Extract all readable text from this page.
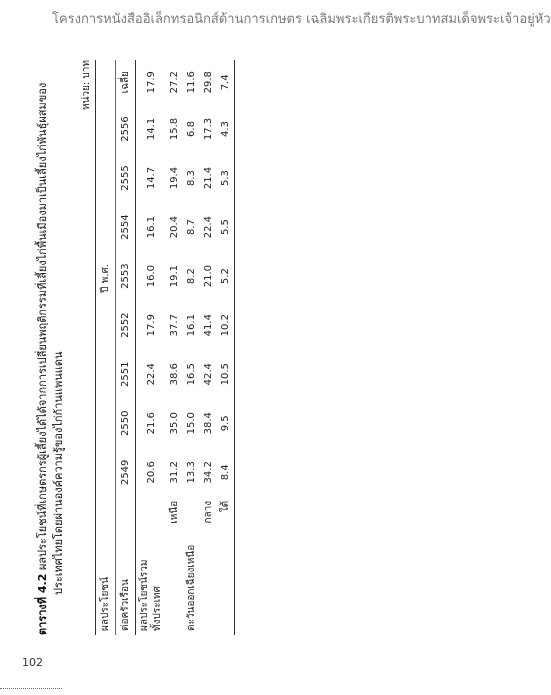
โครงการหนังสืออิเล็กทรอนิกส์ด้านการเกษตร เฉลิมพระเกียรติพระบาทสมเด็จพระเจ้าอยู่หัว
ตารางที่ 4.2 ผลประโยชน์ที่เกษตรกรผู้เลี้ยงได้ได้จากการเปลี่ยนพฤติกรรมที่เลี้ยงไก่พื้นเมืองมาเป็นเลี้ยงไก่พันธุ์ผสมของ ประเทศไทยโดยผ่านองค์ความรู้ของไก่ก้านแพนแดน
หน่วย: บาท
ผลประโยชน์	ปี พ.ศ.								
ต่อครัวเรือน	2549	2550	2551	2552	2553	2554	2555	2556	เฉลี่ย
ผลประโยชน์รวม ทั้งประเทศ	20.6	21.6	22.4	17.9	16.0	16.1	14.7	14.1	17.9
เหนือ	31.2	35.0	38.6	37.7	19.1	20.4	19.4	15.8	27.2
ตะวันออกเฉียงเหนือ	13.3	15.0	16.5	16.1	8.2	8.7	8.3	6.8	11.6
กลาง	34.2	38.4	42.4	41.4	21.0	22.4	21.4	17.3	29.8
ใต้	8.4	9.5	10.5	10.2	5.2	5.5	5.3	4.3	7.4
102
